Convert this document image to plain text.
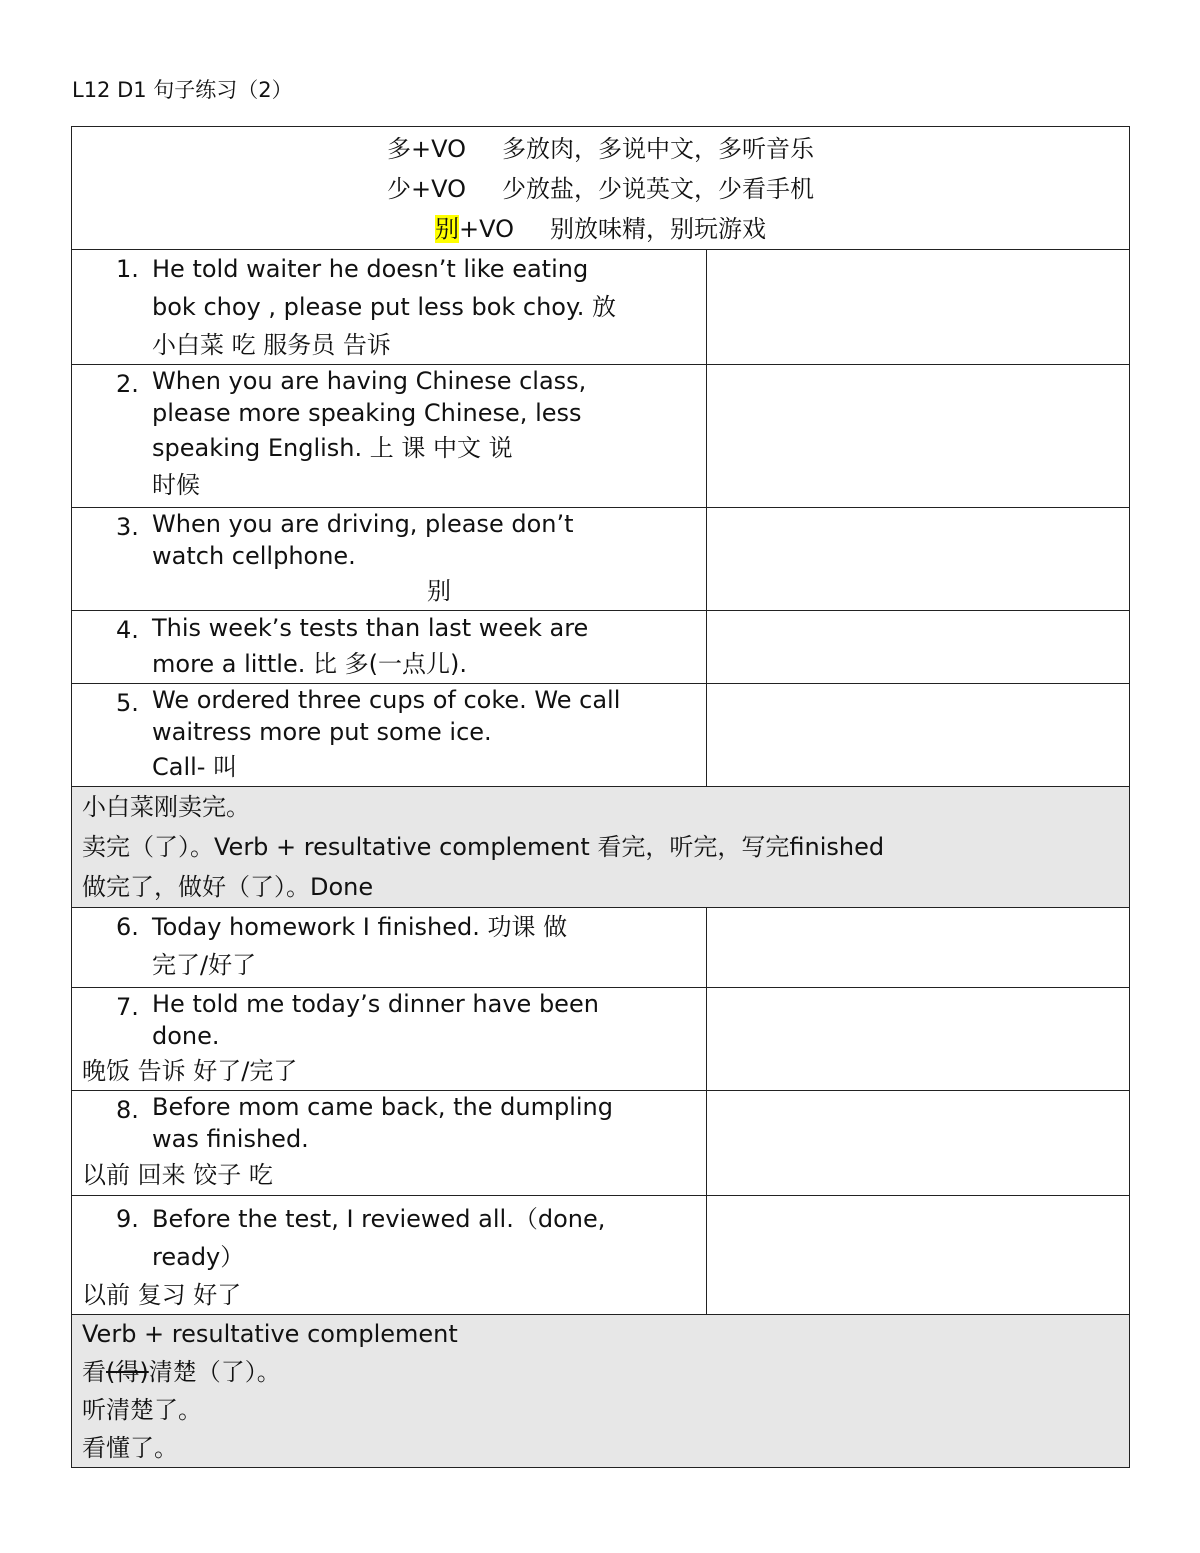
L12 D1 句子练习（2）
多+VO 多放肉，多说中文，多听音乐
少+VO 少放盐，少说英文，少看手机
别+VO 别放味精，别玩游戏	

1. He told waiter he doesn’t like eating
bok choy , please put less bok choy. 放
小白菜 吃 服务员 告诉	

2. When you are having Chinese class,
please more speaking Chinese, less
speaking English. 上 课 中文 说
时候	

3. When you are driving, please don’t
watch cellphone.
别	

4. This week’s tests than last week are
more a little. 比 多(一点儿).	

5. We ordered three cups of coke. We call
waitress more put some ice.
Call- 叫	

小白菜刚卖完。
卖完（了）。Verb + resultative complement 看完，听完，写完finished
做完了，做好（了）。Done	

6. Today homework I finished. 功课 做
完了/好了	

7. He told me today’s dinner have been
done.
晚饭 告诉 好了/完了	

8. Before mom came back, the dumpling
was finished.
以前 回来 饺子 吃	

9. Before the test, I reviewed all.（done,
ready）
以前 复习 好了	

Verb + resultative complement
看(得)清楚（了）。
听清楚了。
看懂了。	
